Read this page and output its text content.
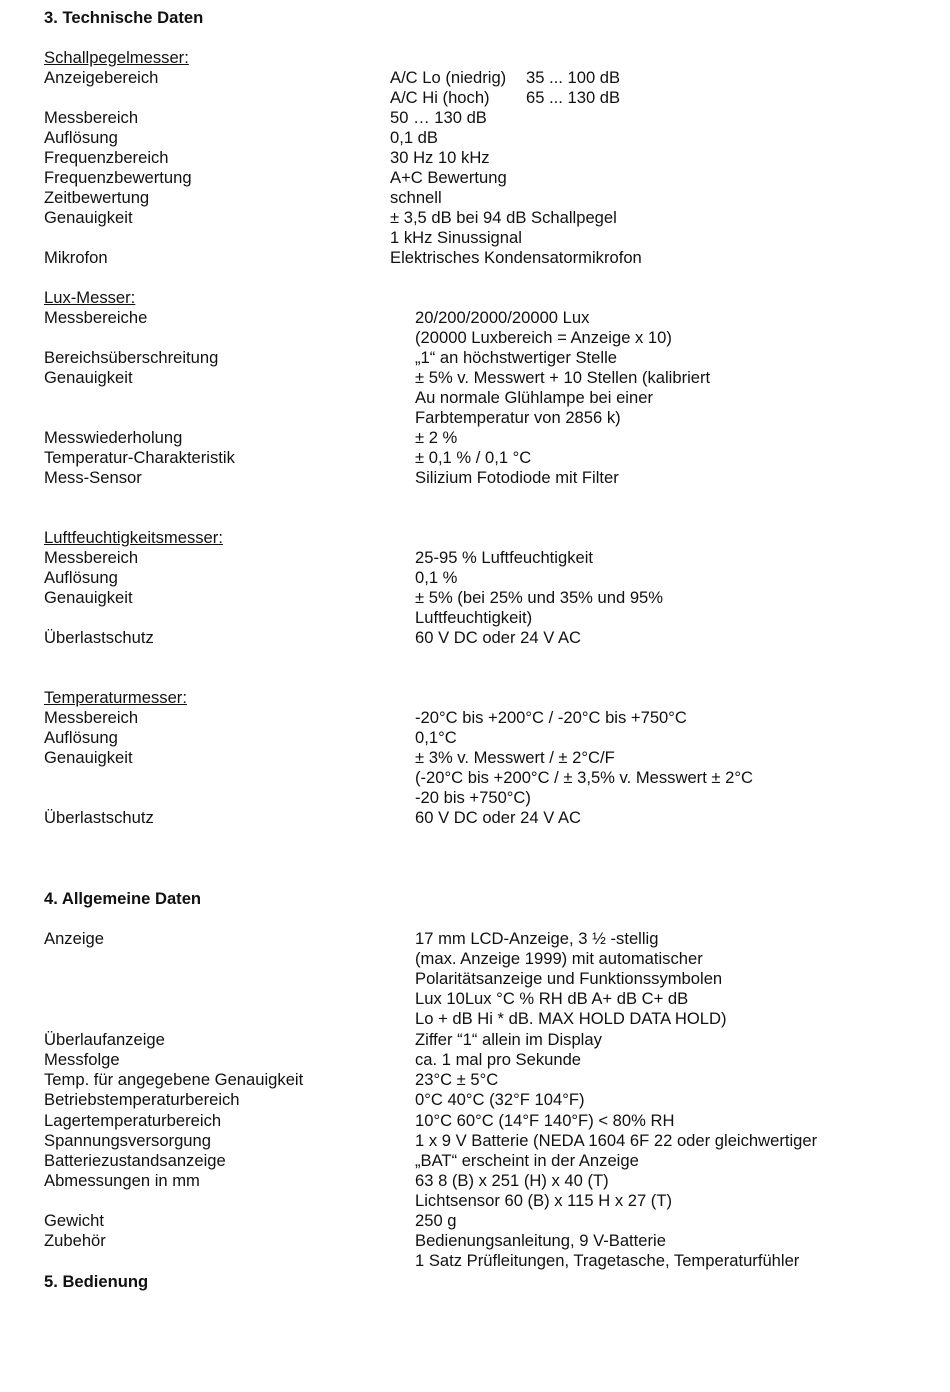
3. Technische Daten
Schallpegelmesser:
Anzeigebereich	A/C Lo (niedrig) 35 ... 100 dB
A/C Hi (hoch) 65 ... 130 dB
Messbereich	50 … 130 dB
Auflösung	0,1 dB
Frequenzbereich	30 Hz 10 kHz
Frequenzbewertung	A+C Bewertung
Zeitbewertung	schnell
Genauigkeit	± 3,5 dB bei 94 dB Schallpegel
1 kHz Sinussignal
Mikrofon	Elektrisches Kondensatormikrofon
Lux-Messer:
Messbereiche	20/200/2000/20000 Lux
(20000 Luxbereich = Anzeige x 10)
Bereichsüberschreitung	„1“ an höchstwertiger Stelle
Genauigkeit	± 5% v. Messwert + 10 Stellen (kalibriert
Au normale Glühlampe bei einer
Farbtemperatur von 2856 k)
Messwiederholung	± 2 %
Temperatur-Charakteristik	± 0,1 % / 0,1 °C
Mess-Sensor	Silizium Fotodiode mit Filter
Luftfeuchtigkeitsmesser:
Messbereich	25-95 % Luftfeuchtigkeit
Auflösung	0,1 %
Genauigkeit	± 5% (bei 25% und 35% und 95%
Luftfeuchtigkeit)
Überlastschutz	60 V DC oder 24 V AC
Temperaturmesser:
Messbereich	-20°C bis +200°C / -20°C bis +750°C
Auflösung	0,1°C
Genauigkeit	± 3% v. Messwert / ± 2°C/F
(-20°C bis +200°C / ± 3,5% v. Messwert ± 2°C
-20 bis +750°C)
Überlastschutz	60 V DC oder 24 V AC
4. Allgemeine Daten
Anzeige	17 mm LCD-Anzeige, 3 ½ -stellig
(max. Anzeige 1999) mit automatischer
Polaritätsanzeige und Funktionssymbolen
Lux 10Lux °C % RH dB A+ dB C+ dB
Lo + dB Hi * dB. MAX HOLD DATA HOLD)
Überlaufanzeige	Ziffer “1“ allein im Display
Messfolge	ca. 1 mal pro Sekunde
Temp. für angegebene Genauigkeit	23°C ± 5°C
Betriebstemperaturbereich	0°C 40°C (32°F 104°F)
Lagertemperaturbereich	10°C 60°C (14°F 140°F) < 80% RH
Spannungsversorgung	1 x 9 V Batterie (NEDA 1604 6F 22 oder gleichwertiger
Batteriezustandsanzeige	„BAT“ erscheint in der Anzeige
Abmessungen in mm	63 8 (B) x 251 (H) x 40 (T)
Lichtsensor 60 (B) x 115 H x 27 (T)
Gewicht	250 g
Zubehör	Bedienungsanleitung, 9 V-Batterie
1 Satz Prüfleitungen, Tragetasche, Temperaturfühler
5. Bedienung
